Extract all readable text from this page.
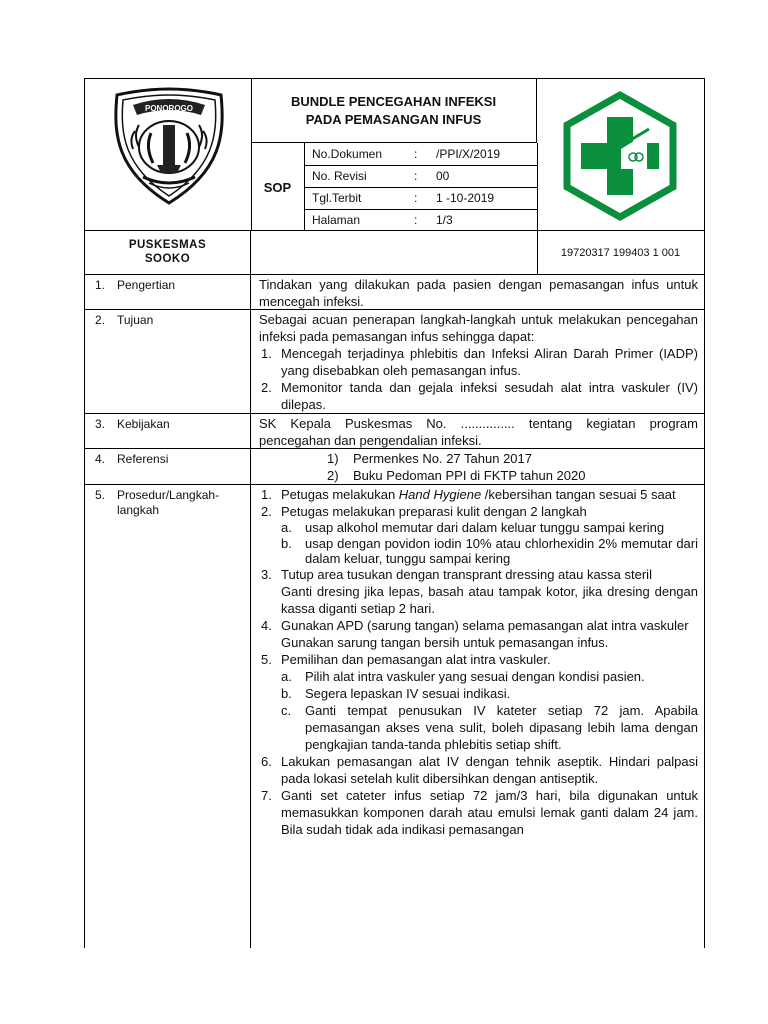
PONOROGO	BUNDLE PENCEGAHAN INFEKSI
PADA PEMASANGAN INFUS
SOP
No.Dokumen	: /PPI/X/2019
No. Revisi	: 00
Tgl.Terbit	: 1 -10-2019
Halaman	: 1/3
PUSKESMAS
SOOKO	19720317 199403 1 001
1. Pengertian	Tindakan yang dilakukan pada pasien dengan pemasangan infus untuk mencegah infeksi.

2. Tujuan	Sebagai acuan penerapan langkah-langkah untuk melakukan pencegahan infeksi pada pemasangan infus sehingga dapat:

1. Mencegah terjadinya phlebitis dan Infeksi Aliran Darah Primer (IADP) yang disebabkan oleh pemasangan infus.

2. Memonitor tanda dan gejala infeksi sesudah alat intra vaskuler (IV) dilepas.

3. Kebijakan	SK Kepala Puskesmas No. ............... tentang kegiatan program pencegahan dan pengendalian infeksi.

4. Referensi	1) Permenkes No. 27 Tahun 2017

2) Buku Pedoman PPI di FKTP tahun 2020

5. Prosedur/Langkah-langkah

1. Petugas melakukan Hand Hygiene /kebersihan tangan sesuai 5 saat

2. Petugas melakukan preparasi kulit dengan 2 langkah

a. usap alkohol memutar dari dalam keluar tunggu sampai kering

b. usap dengan povidon iodin 10% atau chlorhexidin 2% memutar dari dalam keluar, tunggu sampai kering

3. Tutup area tusukan dengan transprant dressing atau kassa steril

Ganti dresing jika lepas, basah atau tampak kotor, jika dresing dengan kassa diganti setiap 2 hari.

4. Gunakan APD (sarung tangan) selama pemasangan alat intra vaskuler

Gunakan sarung tangan bersih untuk pemasangan infus.

5. Pemilihan dan pemasangan alat intra vaskuler.

a. Pilih alat intra vaskuler yang sesuai dengan kondisi pasien.

b. Segera lepaskan IV sesuai indikasi.

c. Ganti tempat penusukan IV kateter setiap 72 jam. Apabila pemasangan akses vena sulit, boleh dipasang lebih lama dengan pengkajian tanda-tanda phlebitis setiap shift.

6. Lakukan pemasangan alat IV dengan tehnik aseptik. Hindari palpasi pada lokasi setelah kulit dibersihkan dengan antiseptik.

7. Ganti set cateter infus setiap 72 jam/3 hari, bila digunakan untuk memasukkan komponen darah atau emulsi lemak ganti dalam 24 jam. Bila sudah tidak ada indikasi pemasangan
